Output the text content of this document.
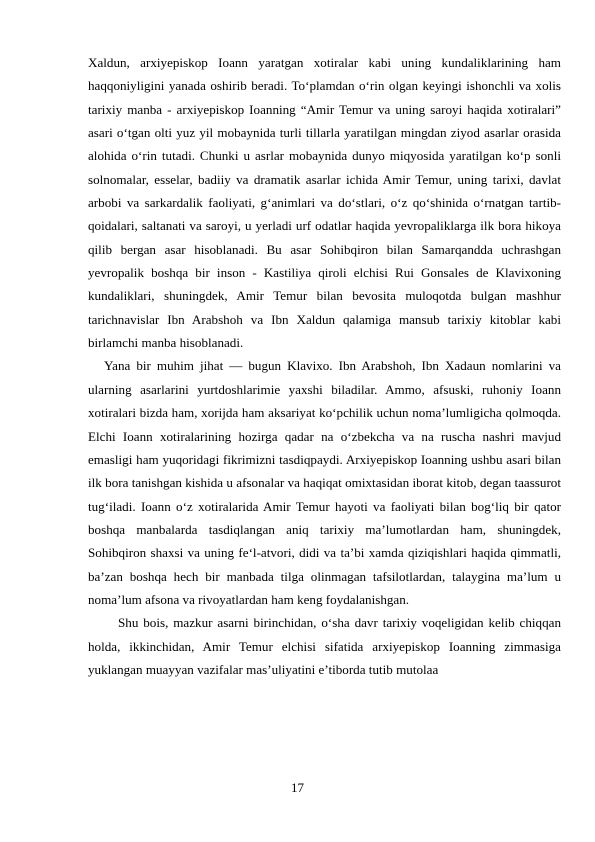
Xaldun, arxiyepiskop Ioann yaratgan xotiralar kabi uning kundaliklarining ham haqqoniyligini yanada oshirib beradi. To‘plamdan o‘rin olgan keyingi ishonchli va xolis tarixiy manba - arxiyepiskop Ioanning “Amir Temur va uning saroyi haqida xotiralari” asari o‘tgan olti yuz yil mobaynida turli tillarla yaratilgan mingdan ziyod asarlar orasida alohida o‘rin tutadi. Chunki u asrlar mobaynida dunyo miqyosida yaratilgan ko‘p sonli solnomalar, esselar, badiiy va dramatik asarlar ichida Amir Temur, uning tarixi, davlat arbobi va sarkardalik faoliyati, g‘animlari va do‘stlari, o‘z qo‘shinida o‘rnatgan tartib-qoidalari, saltanati va saroyi, u yerladi urf odatlar haqida yevropaliklarga ilk bora hikoya qilib bergan asar hisoblanadi. Bu asar Sohibqiron bilan Samarqandda uchrashgan yevropalik boshqa bir inson - Kastiliya qiroli elchisi Rui Gonsales de Klavixoning kundaliklari, shuningdek, Amir Temur bilan bevosita muloqotda bulgan mashhur tarichnavislar Ibn Arabshoh va Ibn Xaldun qalamiga mansub tarixiy kitoblar kabi birlamchi manba hisoblanadi.

Yana bir muhim jihat — bugun Klavixo. Ibn Arabshoh, Ibn Xadaun nomlarini va ularning asarlarini yurtdoshlarimie yaxshi biladilar. Ammo, afsuski, ruhoniy Ioann xotiralari bizda ham, xorijda ham aksariyat ko‘pchilik uchun noma’lumligicha qolmoqda. Elchi Ioann xotiralarining hozirga qadar na o‘zbekcha va na ruscha nashri mavjud emasligi ham yuqoridagi fikrimizni tasdiqpaydi. Arxiyepiskop Ioanning ushbu asari bilan ilk bora tanishgan kishida u afsonalar va haqiqat omixtasidan iborat kitob, degan taassurot tug‘iladi. Ioann o‘z xotiralarida Amir Temur hayoti va faoliyati bilan bog‘liq bir qator boshqa manbalarda tasdiqlangan aniq tarixiy ma’lumotlardan ham, shuningdek, Sohibqiron shaxsi va uning fe‘l-atvori, didi va ta’bi xamda qiziqishlari haqida qimmatli, ba’zan boshqa hech bir manbada tilga olinmagan tafsilotlardan, talaygina ma’lum u noma’lum afsona va rivoyatlardan ham keng foydalanishgan.

Shu bois, mazkur asarni birinchidan, o‘sha davr tarixiy voqeligidan kelib chiqqan holda, ikkinchidan, Amir Temur elchisi sifatida arxiyepiskop Ioanning zimmasiga yuklangan muayyan vazifalar mas’uliyatini e’tiborda tutib mutolaa

17
